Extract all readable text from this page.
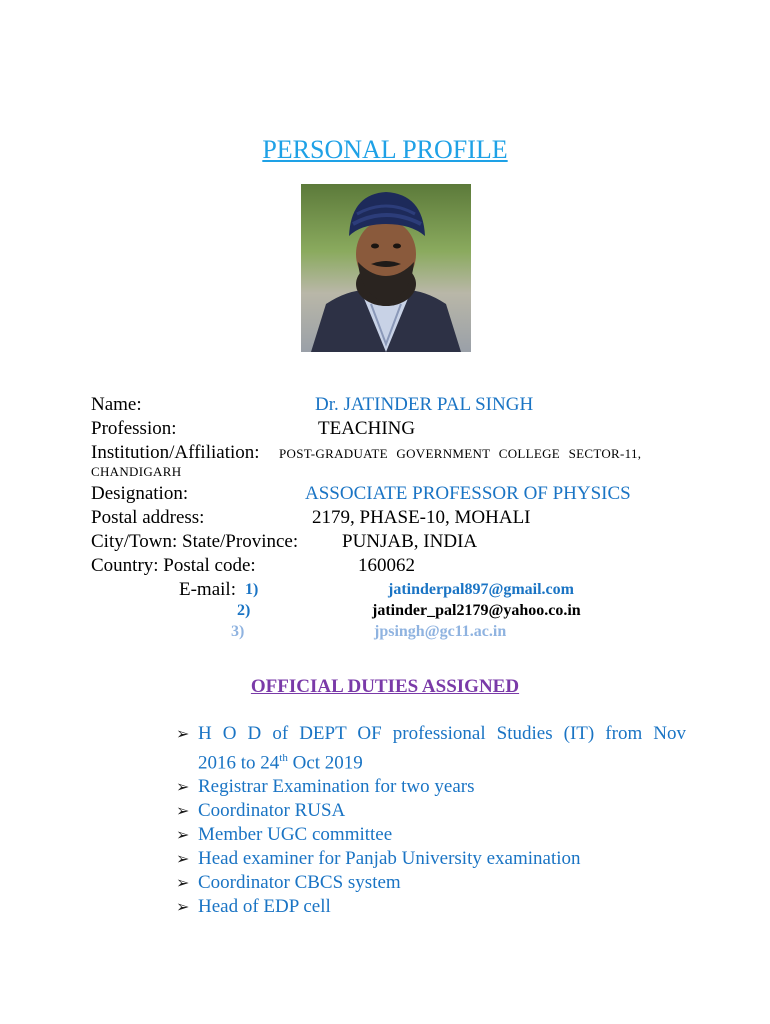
PERSONAL PROFILE
Name:	Dr. JATINDER PAL SINGH
Profession:	TEACHING
Institution/Affiliation: POST-GRADUATE GOVERNMENT COLLEGE SECTOR-11,
CHANDIGARH
Designation:	ASSOCIATE PROFESSOR OF PHYSICS
Postal address:	2179, PHASE-10, MOHALI
City/Town: State/Province: PUNJAB, INDIA
Country: Postal code:	160062
E-mail: 1)	jatinderpal897@gmail.com
2)	jatinder_pal2179@yahoo.co.in
3)	jpsingh@gc11.ac.in
OFFICIAL DUTIES ASSIGNED
➢ H O D of DEPT OF professional Studies (IT) from Nov
2016 to 24th Oct 2019
➢ Registrar Examination for two years
➢ Coordinator RUSA
➢ Member UGC committee
➢ Head examiner for Panjab University examination
➢ Coordinator CBCS system
➢ Head of EDP cell
